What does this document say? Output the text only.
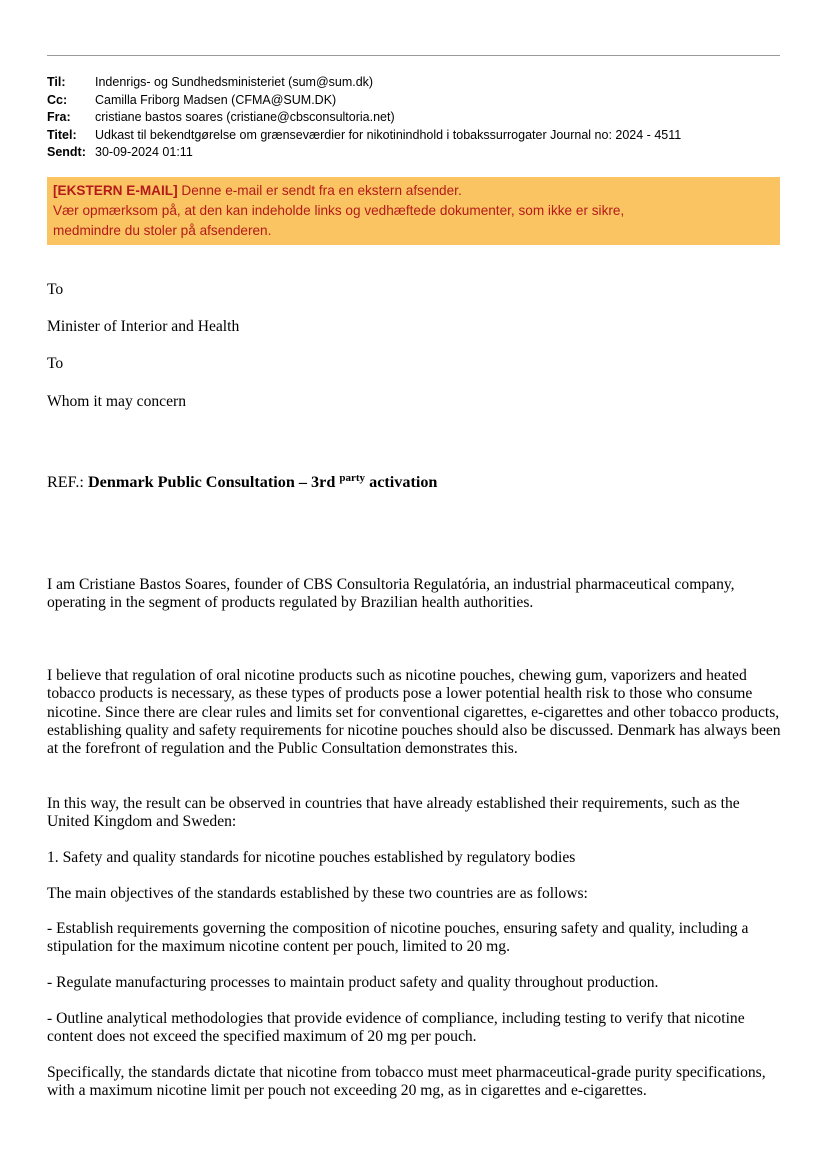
Til:	Indenrigs- og Sundhedsministeriet (sum@sum.dk)
Cc:	Camilla Friborg Madsen (CFMA@SUM.DK)
Fra:	cristiane bastos soares (cristiane@cbsconsultoria.net)
Titel:	Udkast til bekendtgørelse om grænseværdier for nikotinindhold i tobakssurrogater Journal no: 2024 - 4511
Sendt: 30-09-2024 01:11
[EKSTERN E-MAIL] Denne e-mail er sendt fra en ekstern afsender.
Vær opmærksom på, at den kan indeholde links og vedhæftede dokumenter, som ikke er sikre,
medmindre du stoler på afsenderen.

To

Minister of Interior and Health

To

Whom it may concern

REF.: Denmark Public Consultation – 3rd $^{party}$ activation

I am Cristiane Bastos Soares, founder of CBS Consultoria Regulatória, an industrial pharmaceutical company, operating in the segment of products regulated by Brazilian health authorities.

I believe that regulation of oral nicotine products such as nicotine pouches, chewing gum, vaporizers and heated tobacco products is necessary, as these types of products pose a lower potential health risk to those who consume nicotine. Since there are clear rules and limits set for conventional cigarettes, e-cigarettes and other tobacco products, establishing quality and safety requirements for nicotine pouches should also be discussed. Denmark has always been at the forefront of regulation and the Public Consultation demonstrates this.

In this way, the result can be observed in countries that have already established their requirements, such as the United Kingdom and Sweden:

1. Safety and quality standards for nicotine pouches established by regulatory bodies

The main objectives of the standards established by these two countries are as follows:

- Establish requirements governing the composition of nicotine pouches, ensuring safety and quality, including a stipulation for the maximum nicotine content per pouch, limited to 20 mg.

- Regulate manufacturing processes to maintain product safety and quality throughout production.

- Outline analytical methodologies that provide evidence of compliance, including testing to verify that nicotine content does not exceed the specified maximum of 20 mg per pouch.

Specifically, the standards dictate that nicotine from tobacco must meet pharmaceutical-grade purity specifications, with a maximum nicotine limit per pouch not exceeding 20 mg, as in cigarettes and e-cigarettes.
